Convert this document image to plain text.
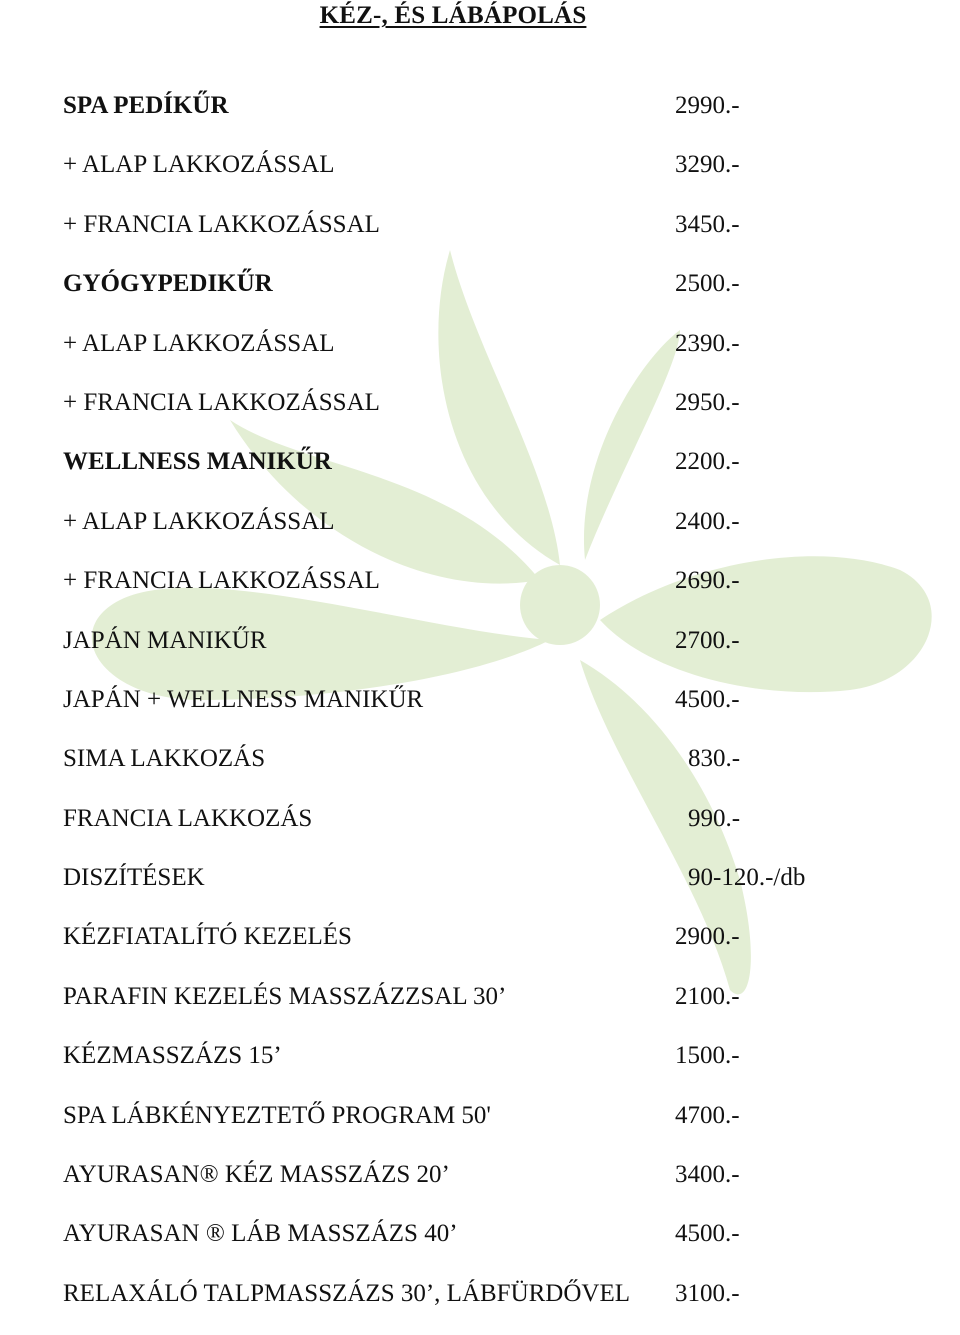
KÉZ-, ÉS LÁBÁPOLÁS
SPA PEDÍKŰR	2990.-
+ ALAP LAKKOZÁSSAL	3290.-
+ FRANCIA LAKKOZÁSSAL	3450.-
GYÓGYPEDIKŰR	2500.-
+ ALAP LAKKOZÁSSAL	2390.-
+ FRANCIA LAKKOZÁSSAL	2950.-
WELLNESS MANIKŰR	2200.-
+ ALAP LAKKOZÁSSAL	2400.-
+ FRANCIA LAKKOZÁSSAL	2690.-
JAPÁN MANIKŰR	2700.-
JAPÁN + WELLNESS MANIKŰR	4500.-
SIMA LAKKOZÁS	830.-
FRANCIA LAKKOZÁS	990.-
DISZÍTÉSEK	90-120.-/db
KÉZFIATALÍTÓ KEZELÉS	2900.-
PARAFIN KEZELÉS MASSZÁZZSAL 30’	2100.-
KÉZMASSZÁZS 15’	1500.-
SPA LÁBKÉNYEZTETŐ PROGRAM 50'	4700.-
AYURASAN® KÉZ MASSZÁZS 20’	3400.-
AYURASAN ® LÁB MASSZÁZS 40’	4500.-
RELAXÁLÓ TALPMASSZÁZS 30’, LÁBFÜRDŐVEL 3100.-
